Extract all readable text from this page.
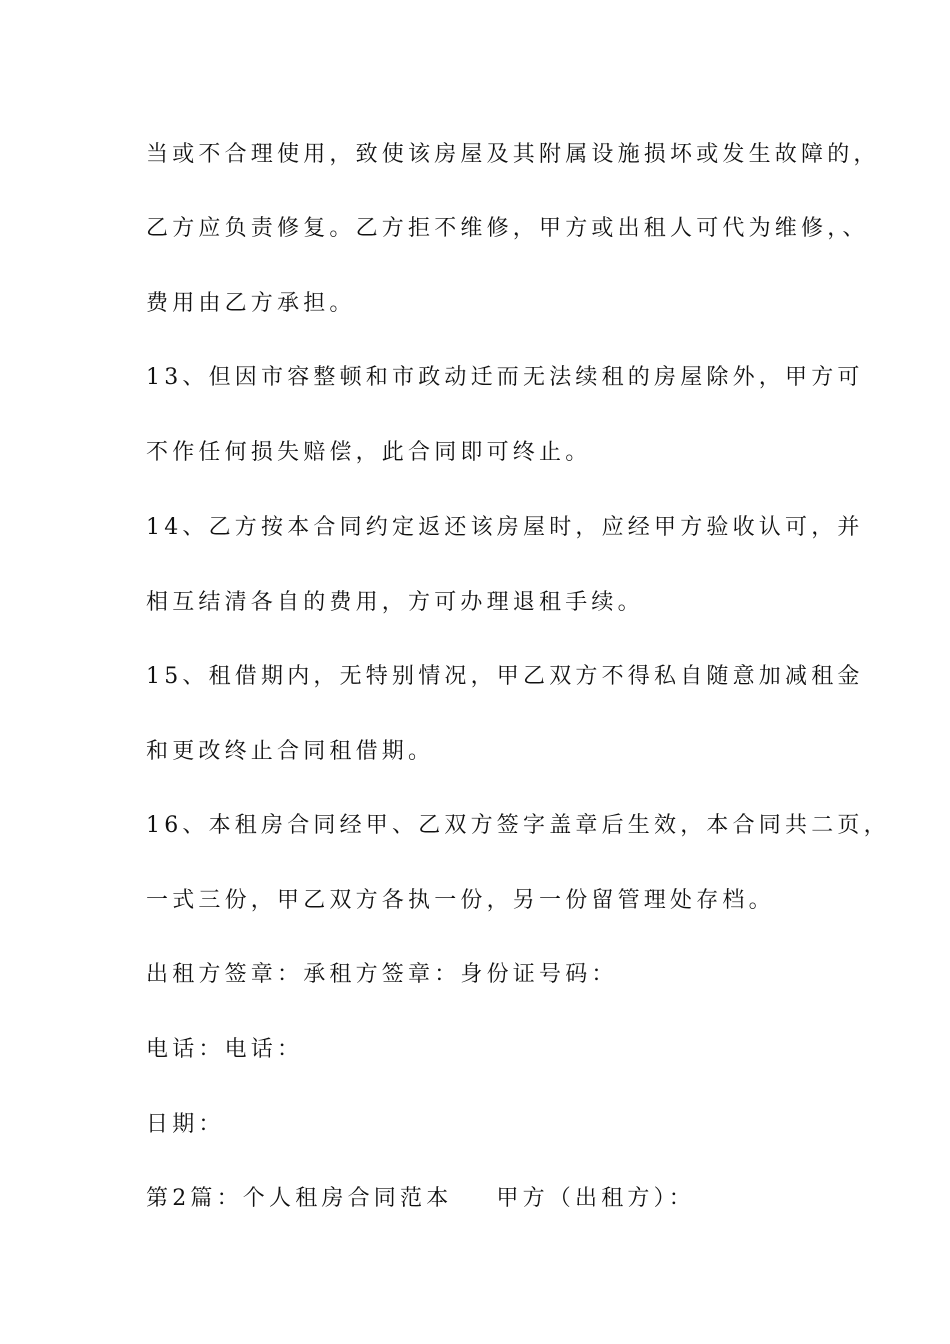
当或不合理使用，致使该房屋及其附属设施损坏或发生故障的，
乙方应负责修复。乙方拒不维修，甲方或出租人可代为维修，、
费用由乙方承担。
13、但因市容整顿和市政动迁而无法续租的房屋除外，甲方可
不作任何损失赔偿，此合同即可终止。
14、乙方按本合同约定返还该房屋时，应经甲方验收认可，并
相互结清各自的费用，方可办理退租手续。
15、租借期内，无特别情况，甲乙双方不得私自随意加减租金
和更改终止合同租借期。
16、本租房合同经甲、乙双方签字盖章后生效，本合同共二页，
一式三份，甲乙双方各执一份，另一份留管理处存档。
出租方签章：承租方签章：身份证号码：
电话：电话：
日期：
第2篇：个人租房合同范本 甲方（出租方）：
